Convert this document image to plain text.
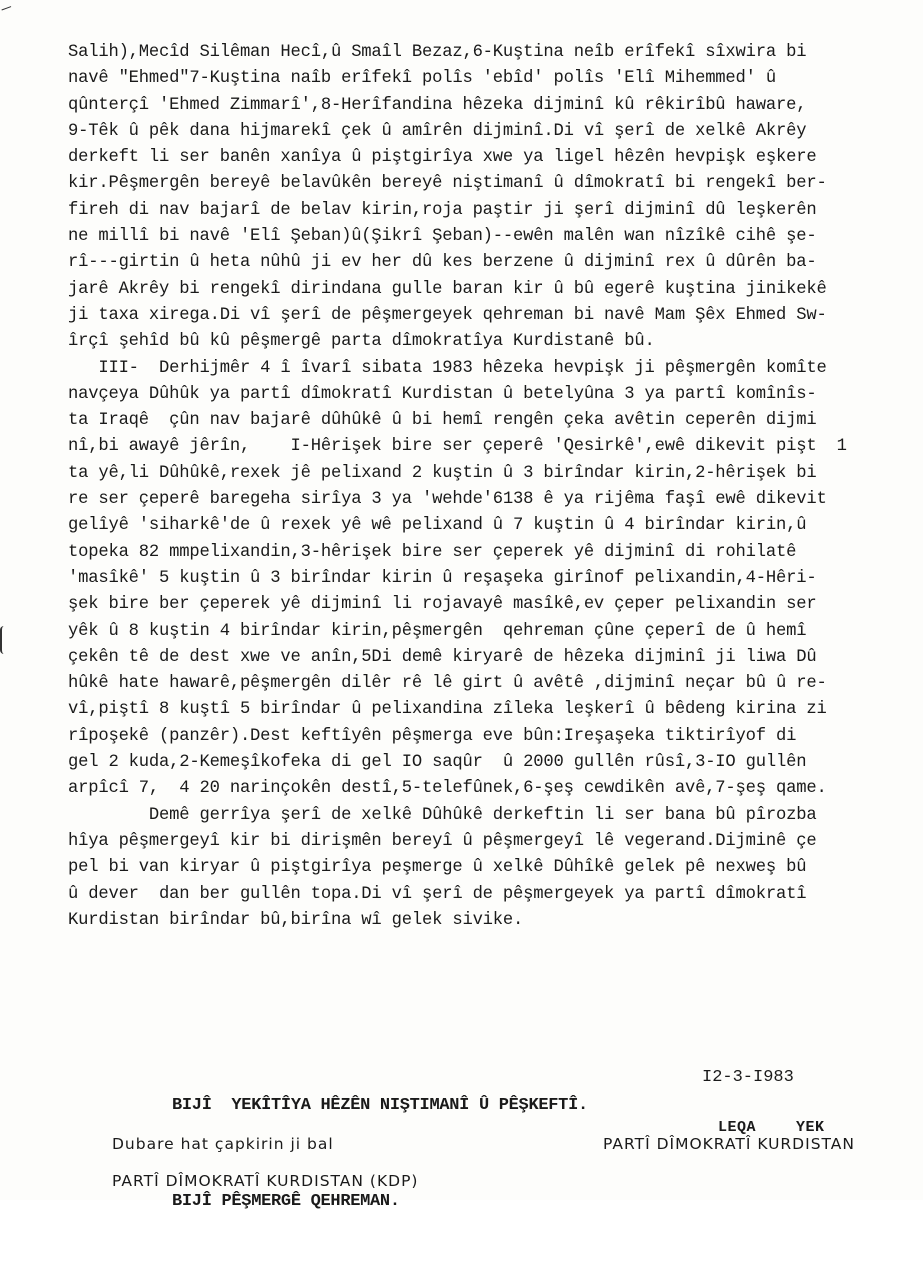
Salih),Mecîd Silêman Hecî,û Smaîl Bezaz,6-Kuştina neîb erîfekî sîxwira bi
navê "Ehmed"7-Kuştina naîb erîfekî polîs 'ebîd' polîs 'Elî Mihemmed' û
qûnterçî 'Ehmed Zimmarî',8-Herîfandina hêzeka dijminî kû rêkirîbû haware,
9-Têk û pêk dana hijmarekî çek û amîrên dijminî.Di vî şerî de xelkê Akrêy
derkeft li ser banên xanîya û piştgirîya xwe ya ligel hêzên hevpişk eşkere
kir.Pêşmergên bereyê belavûkên bereyê niştimanî û dîmokratî bi rengekî ber-
fireh di nav bajarî de belav kirin,roja paştir ji şerî dijminî dû leşkerên
ne millî bi navê 'Elî Şeban)û(Şikrî Şeban)--ewên malên wan nîzîkê cihê şe-
rî---girtin û heta nûhû ji ev her dû kes berzene û dijminî rex û dûrên ba-
jarê Akrêy bi rengekî dirindana gulle baran kir û bû egerê kuştina jinikekê
ji taxa xirega.Di vî şerî de pêşmergeyek qehreman bi navê Mam Şêx Ehmed Sw-
îrçî şehîd bû kû pêşmergê parta dîmokratîya Kurdistanê bû.
III-  Derhijmêr 4 î îvarî sibata 1983 hêzeka hevpişk ji pêşmergên komîte
navçeya Dûhûk ya partî dîmokratî Kurdistan û betelyûna 3 ya partî komînîs-
ta Iraqê  çûn nav bajarê dûhûkê û bi hemî rengên çeka avêtin ceperên dijmi
nî,bi awayê jêrîn,    I-Hêrişek bire ser çeperê 'Qesirkê',ewê dikevit pişt  1
ta yê,li Dûhûkê,rexek jê pelixand 2 kuştin û 3 birîndar kirin,2-hêrişek bi
re ser çeperê baregeha sirîya 3 ya 'wehde'6138 ê ya rijêma faşî ewê dikevit
gelîyê 'siharkê'de û rexek yê wê pelixand û 7 kuştin û 4 birîndar kirin,û
topeka 82 mmpelixandin,3-hêrişek bire ser çeperek yê dijminî di rohilatê
'masîkê' 5 kuştin û 3 birîndar kirin û reşaşeka girînof pelixandin,4-Hêri-
şek bire ber çeperek yê dijminî li rojavayê masîkê,ev çeper pelixandin ser
yêk û 8 kuştin 4 birîndar kirin,pêşmergên  qehreman çûne çeperî de û hemî
çekên tê de dest xwe ve anîn,5Di demê kiryarê de hêzeka dijminî ji liwa Dû
hûkê hate hawarê,pêşmergên dilêr rê lê girt û avêtê ,dijminî neçar bû û re-
vî,piştî 8 kuştî 5 birîndar û pelixandina zîleka leşkerî û bêdeng kirina zi
rîpoşekê (panzêr).Dest keftîyên pêşmerga eve bûn:Ireşaşeka tiktirîyof di
gel 2 kuda,2-Kemeşîkofeka di gel IO saqûr  û 2000 gullên rûsî,3-IO gullên
arpîcî 7,  4 20 narinçokên destî,5-telefûnek,6-şeş cewdikên avê,7-şeş qame.
Demê gerrîya şerî de xelkê Dûhûkê derkeftin li ser bana bû pîrozba
hîya pêşmergeyî kir bi dirişmên bereyî û pêşmergeyî lê vegerand.Dijminê çe
pel bi van kiryar û piştgirîya peşmerge û xelkê Dûhîkê gelek pê nexweş bû
û dever  dan ber gullên topa.Di vî şerî de pêşmergeyek ya partî dîmokratî
Kurdistan birîndar bû,birîna wî gelek sivike.

BIJÎ  YEKÎTÎYA HÊZÊN NIŞTIMANÎ Û PÊŞKEFTÎ.

BIJÎ PÊŞMERGÊ QEHREMAN.

I2-3-I983

LEQA	YEK

PARTÎ DÎMOKRATÎ KURDISTAN
Dubare hat çapkirin ji bal
PARTÎ DÎMOKRATÎ KURDISTAN (KDP)
